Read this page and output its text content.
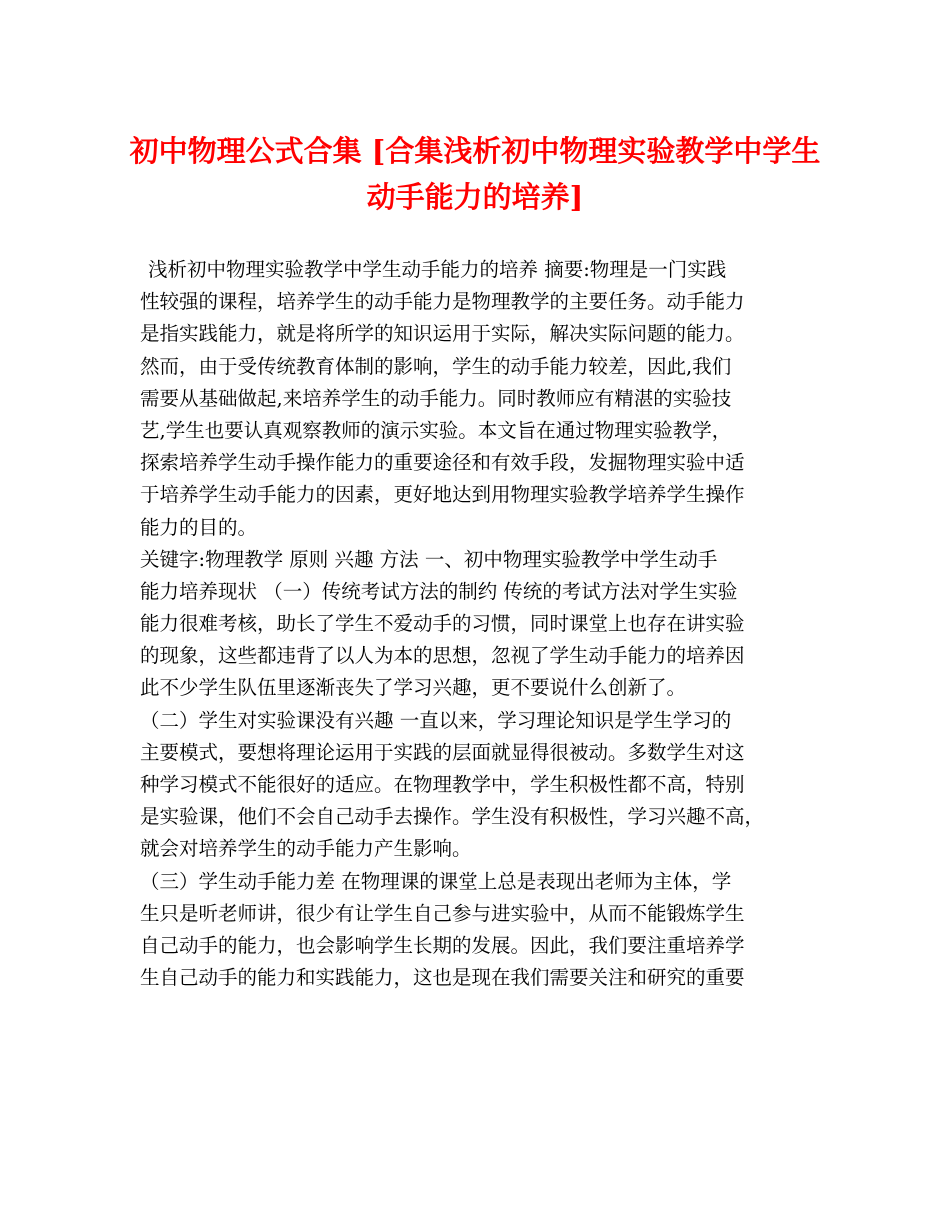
初中物理公式合集 [合集浅析初中物理实验教学中学生
动手能力的培养]
浅析初中物理实验教学中学生动手能力的培养 摘要:物理是一门实践
性较强的课程，培养学生的动手能力是物理教学的主要任务。动手能力
是指实践能力，就是将所学的知识运用于实际，解决实际问题的能力。
然而，由于受传统教育体制的影响，学生的动手能力较差，因此,我们
需要从基础做起,来培养学生的动手能力。同时教师应有精湛的实验技
艺,学生也要认真观察教师的演示实验。本文旨在通过物理实验教学，
探索培养学生动手操作能力的重要途径和有效手段，发掘物理实验中适
于培养学生动手能力的因素，更好地达到用物理实验教学培养学生操作
能力的目的。
关键字:物理教学 原则 兴趣 方法 一、初中物理实验教学中学生动手
能力培养现状 （一）传统考试方法的制约 传统的考试方法对学生实验
能力很难考核，助长了学生不爱动手的习惯，同时课堂上也存在讲实验
的现象，这些都违背了以人为本的思想，忽视了学生动手能力的培养因
此不少学生队伍里逐渐丧失了学习兴趣，更不要说什么创新了。
（二）学生对实验课没有兴趣 一直以来，学习理论知识是学生学习的
主要模式，要想将理论运用于实践的层面就显得很被动。多数学生对这
种学习模式不能很好的适应。在物理教学中，学生积极性都不高，特别
是实验课，他们不会自己动手去操作。学生没有积极性，学习兴趣不高，
就会对培养学生的动手能力产生影响。
（三）学生动手能力差 在物理课的课堂上总是表现出老师为主体，学
生只是听老师讲，很少有让学生自己参与进实验中，从而不能锻炼学生
自己动手的能力，也会影响学生长期的发展。因此，我们要注重培养学
生自己动手的能力和实践能力，这也是现在我们需要关注和研究的重要
